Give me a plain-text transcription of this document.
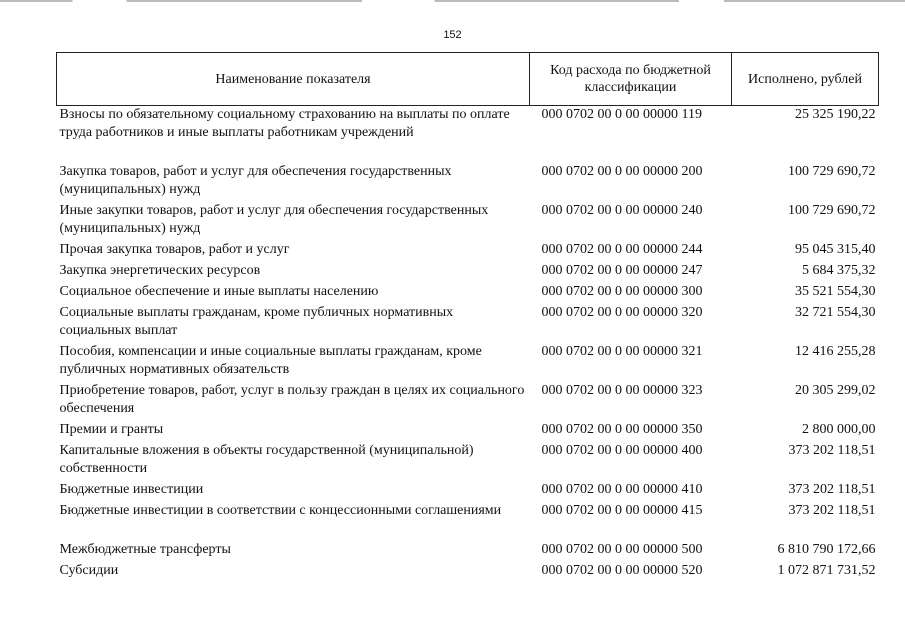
152
Наименование показателя	Код расхода по бюджетной классификации	Исполнено, рублей
Взносы по обязательному социальному страхованию на выплаты по оплате труда работников и иные выплаты работникам учреждений	000 0702 00 0 00 00000 119	25 325 190,22
Закупка товаров, работ и услуг для обеспечения государственных (муниципальных) нужд	000 0702 00 0 00 00000 200	100 729 690,72
Иные закупки товаров, работ и услуг для обеспечения государственных (муниципальных) нужд	000 0702 00 0 00 00000 240	100 729 690,72
Прочая закупка товаров, работ и услуг	000 0702 00 0 00 00000 244	95 045 315,40
Закупка энергетических ресурсов	000 0702 00 0 00 00000 247	5 684 375,32
Социальное обеспечение и иные выплаты населению	000 0702 00 0 00 00000 300	35 521 554,30
Социальные выплаты гражданам, кроме публичных нормативных социальных выплат	000 0702 00 0 00 00000 320	32 721 554,30
Пособия, компенсации и иные социальные выплаты гражданам, кроме публичных нормативных обязательств	000 0702 00 0 00 00000 321	12 416 255,28
Приобретение товаров, работ, услуг в пользу граждан в целях их социального обеспечения	000 0702 00 0 00 00000 323	20 305 299,02
Премии и гранты	000 0702 00 0 00 00000 350	2 800 000,00
Капитальные вложения в объекты государственной (муниципальной) собственности	000 0702 00 0 00 00000 400	373 202 118,51
Бюджетные инвестиции	000 0702 00 0 00 00000 410	373 202 118,51
Бюджетные инвестиции в соответствии с концессионными соглашениями	000 0702 00 0 00 00000 415	373 202 118,51
Межбюджетные трансферты	000 0702 00 0 00 00000 500	6 810 790 172,66
Субсидии	000 0702 00 0 00 00000 520	1 072 871 731,52
